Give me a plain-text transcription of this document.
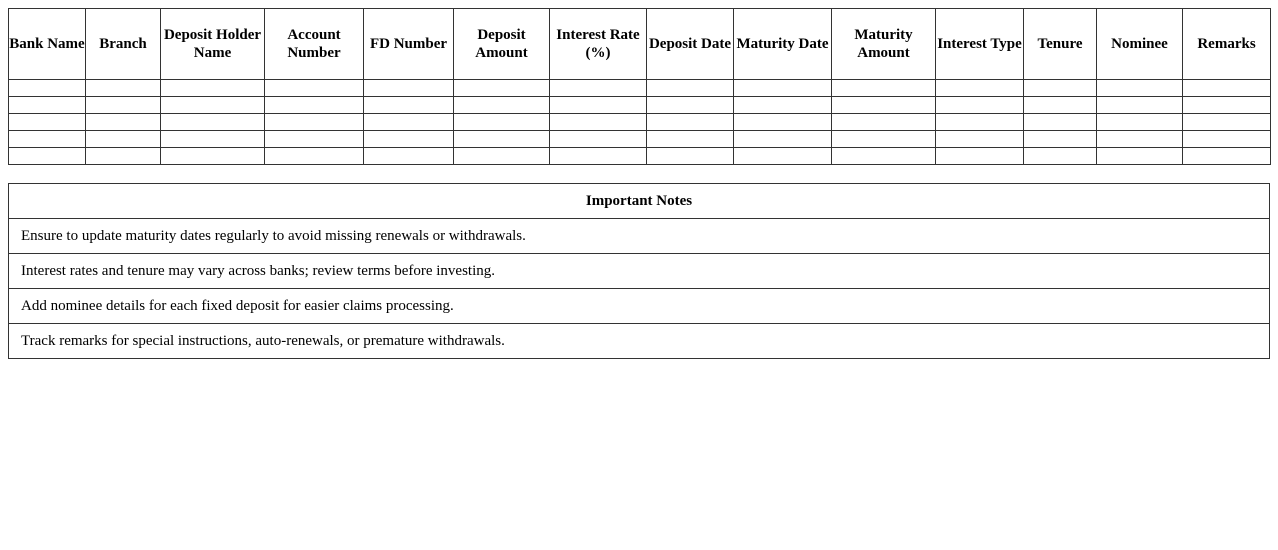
Bank Name	Branch	Deposit Holder Name	Account Number	FD Number	Deposit Amount	Interest Rate (%)	Deposit Date	Maturity Date	Maturity Amount	Interest Type	Tenure	Nominee	Remarks

Important Notes
Ensure to update maturity dates regularly to avoid missing renewals or withdrawals.
Interest rates and tenure may vary across banks; review terms before investing.
Add nominee details for each fixed deposit for easier claims processing.
Track remarks for special instructions, auto-renewals, or premature withdrawals.
